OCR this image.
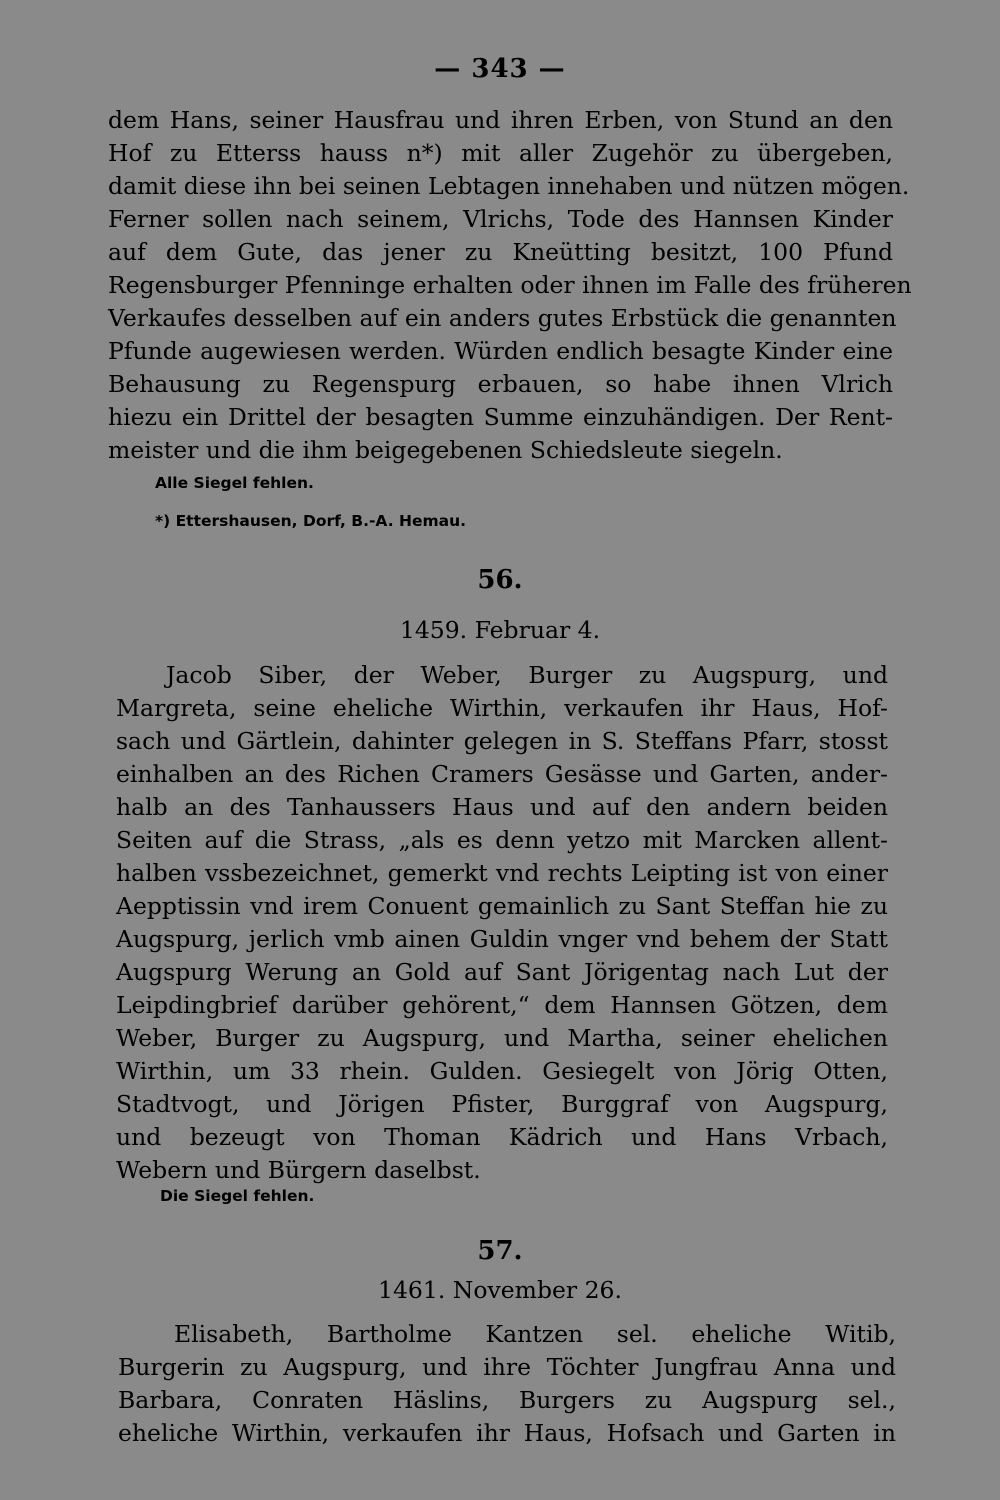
— 343 —
dem Hans, seiner Hausfrau und ihren Erben, von Stund an den
Hof zu Etterss hauss n*) mit aller Zugehör zu übergeben,
damit diese ihn bei seinen Lebtagen innehaben und nützen mögen.
Ferner sollen nach seinem, Vlrichs, Tode des Hannsen Kinder
auf dem Gute, das jener zu Kneütting besitzt, 100 Pfund
Regensburger Pfenninge erhalten oder ihnen im Falle des früheren
Verkaufes desselben auf ein anders gutes Erbstück die genannten
Pfunde augewiesen werden. Würden endlich besagte Kinder eine
Behausung zu Regenspurg erbauen, so habe ihnen Vlrich
hiezu ein Drittel der besagten Summe einzuhändigen. Der Rent-
meister und die ihm beigegebenen Schiedsleute siegeln.
Alle Siegel fehlen.
*) Ettershausen, Dorf, B.-A. Hemau.
56.
1459. Februar 4.
Jacob Siber, der Weber, Burger zu Augspurg, und
Margreta, seine eheliche Wirthin, verkaufen ihr Haus, Hof-
sach und Gärtlein, dahinter gelegen in S. Steffans Pfarr, stosst
einhalben an des Richen Cramers Gesässe und Garten, ander-
halb an des Tanhaussers Haus und auf den andern beiden
Seiten auf die Strass, „als es denn yetzo mit Marcken allent-
halben vssbezeichnet, gemerkt vnd rechts Leipting ist von einer
Aepptissin vnd irem Conuent gemainlich zu Sant Steffan hie zu
Augspurg, jerlich vmb ainen Guldin vnger vnd behem der Statt
Augspurg Werung an Gold auf Sant Jörigentag nach Lut der
Leipdingbrief darüber gehörent,“ dem Hannsen Götzen, dem
Weber, Burger zu Augspurg, und Martha, seiner ehelichen
Wirthin, um 33 rhein. Gulden. Gesiegelt von Jörig Otten,
Stadtvogt, und Jörigen Pfister, Burggraf von Augspurg,
und bezeugt von Thoman Kädrich und Hans Vrbach,
Webern und Bürgern daselbst.
Die Siegel fehlen.
57.
1461. November 26.
Elisabeth, Bartholme Kantzen sel. eheliche Witib,
Burgerin zu Augspurg, und ihre Töchter Jungfrau Anna und
Barbara, Conraten Häslins, Burgers zu Augspurg sel.,
eheliche Wirthin, verkaufen ihr Haus, Hofsach und Garten in
